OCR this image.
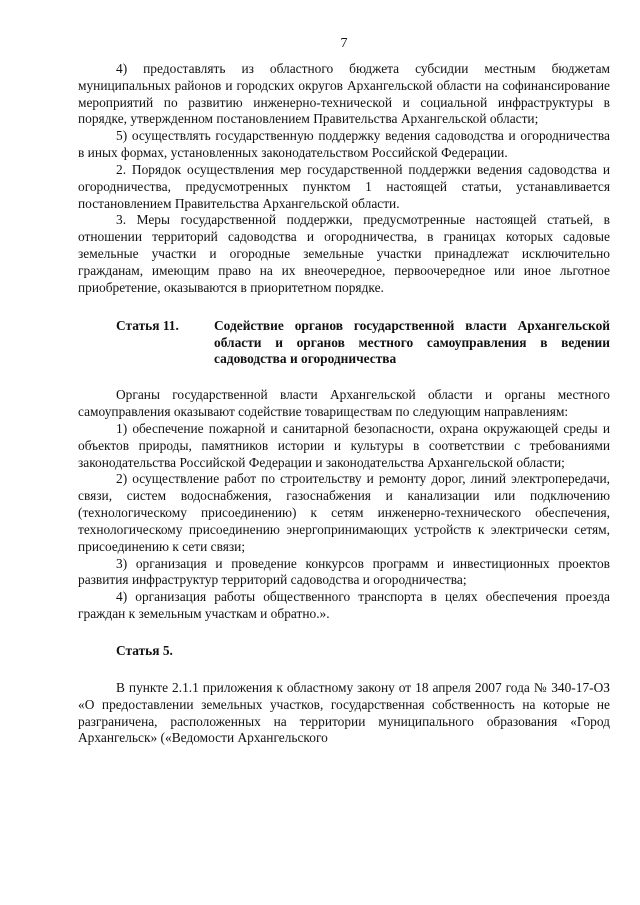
7

4) предоставлять из областного бюджета субсидии местным бюджетам муниципальных районов и городских округов Архангельской области на софинансирование мероприятий по развитию инженерно-технической и социальной инфраструктуры в порядке, утвержденном постановлением Правительства Архангельской области;

5) осуществлять государственную поддержку ведения садоводства и огородничества в иных формах, установленных законодательством Российской Федерации.

2. Порядок осуществления мер государственной поддержки ведения садоводства и огородничества, предусмотренных пунктом 1 настоящей статьи, устанавливается постановлением Правительства Архангельской области.

3. Меры государственной поддержки, предусмотренные настоящей статьей, в отношении территорий садоводства и огородничества, в границах которых садовые земельные участки и огородные земельные участки принадлежат исключительно гражданам, имеющим право на их внеочередное, первоочередное или иное льготное приобретение, оказываются в приоритетном порядке.

Статья 11.	Содействие органов государственной власти Архангельской области и органов местного самоуправления в ведении садоводства и огородничества

Органы государственной власти Архангельской области и органы местного самоуправления оказывают содействие товариществам по следующим направлениям:

1) обеспечение пожарной и санитарной безопасности, охрана окружающей среды и объектов природы, памятников истории и культуры в соответствии с требованиями законодательства Российской Федерации и законодательства Архангельской области;

2) осуществление работ по строительству и ремонту дорог, линий электропередачи, связи, систем водоснабжения, газоснабжения и канализации или подключению (технологическому присоединению) к сетям инженерно-технического обеспечения, технологическому присоединению энергопринимающих устройств к электрически сетям, присоединению к сети связи;

3) организация и проведение конкурсов программ и инвестиционных проектов развития инфраструктур территорий садоводства и огородничества;

4) организация работы общественного транспорта в целях обеспечения проезда граждан к земельным участкам и обратно.».

Статья 5.

В пункте 2.1.1 приложения к областному закону от 18 апреля 2007 года № 340-17-ОЗ «О предоставлении земельных участков, государственная собственность на которые не разграничена, расположенных на территории муниципального образования «Город Архангельск» («Ведомости Архангельского
